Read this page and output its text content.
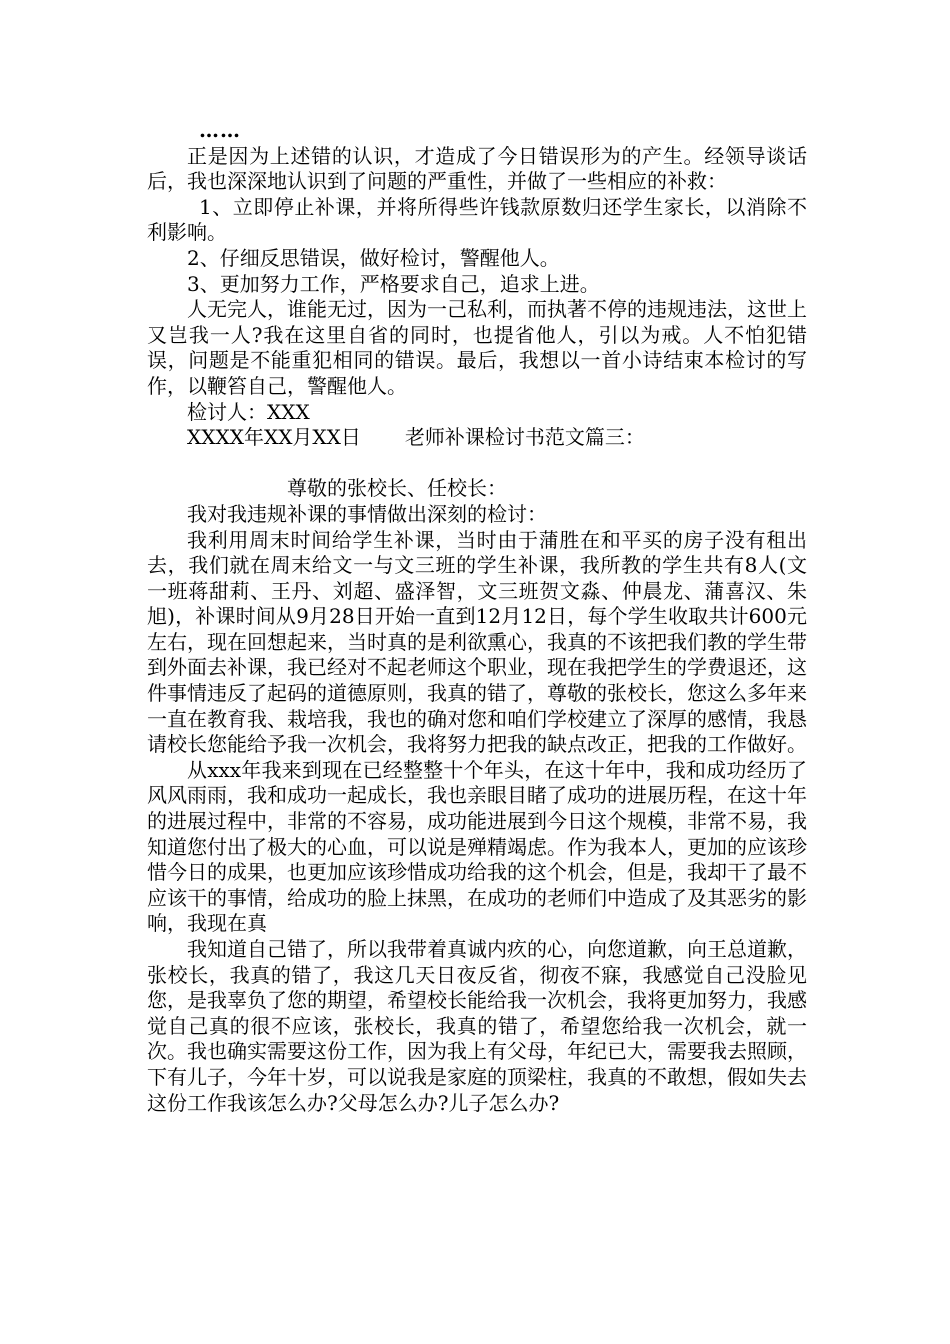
……

正是因为上述错的认识，才造成了今日错误形为的产生。经领导谈话后，我也深深地认识到了问题的严重性，并做了一些相应的补救：

1、立即停止补课，并将所得些许钱款原数归还学生家长，以消除不利影响。

2、仔细反思错误，做好检讨，警醒他人。

3、更加努力工作，严格要求自己，追求上进。

人无完人，谁能无过，因为一己私利，而执著不停的违规违法，这世上又岂我一人?我在这里自省的同时，也提省他人，引以为戒。人不怕犯错误，问题是不能重犯相同的错误。最后，我想以一首小诗结束本检讨的写作，以鞭笞自己，警醒他人。

检讨人：XXX

XXXX年XX月XX日 老师补课检讨书范文篇三：

尊敬的张校长、任校长：

我对我违规补课的事情做出深刻的检讨：

我利用周末时间给学生补课，当时由于蒲胜在和平买的房子没有租出去，我们就在周末给文一与文三班的学生补课，我所教的学生共有8人(文一班蒋甜莉、王丹、刘超、盛泽智，文三班贺文淼、仲晨龙、蒲喜汉、朱旭)，补课时间从9月28日开始一直到12月12日，每个学生收取共计600元左右，现在回想起来，当时真的是利欲熏心，我真的不该把我们教的学生带到外面去补课，我已经对不起老师这个职业，现在我把学生的学费退还，这件事情违反了起码的道德原则，我真的错了，尊敬的张校长，您这么多年来一直在教育我、栽培我，我也的确对您和咱们学校建立了深厚的感情，我恳请校长您能给予我一次机会，我将努力把我的缺点改正，把我的工作做好。

从xxx年我来到现在已经整整十个年头，在这十年中，我和成功经历了风风雨雨，我和成功一起成长，我也亲眼目睹了成功的进展历程，在这十年的进展过程中，非常的不容易，成功能进展到今日这个规模，非常不易，我知道您付出了极大的心血，可以说是殚精竭虑。作为我本人，更加的应该珍惜今日的成果，也更加应该珍惜成功给我的这个机会，但是，我却干了最不应该干的事情，给成功的脸上抹黑，在成功的老师们中造成了及其恶劣的影响，我现在真

我知道自己错了，所以我带着真诚内疚的心，向您道歉，向王总道歉，张校长，我真的错了，我这几天日夜反省，彻夜不寐，我感觉自己没脸见您，是我辜负了您的期望，希望校长能给我一次机会，我将更加努力，我感觉自己真的很不应该，张校长，我真的错了，希望您给我一次机会，就一次。我也确实需要这份工作，因为我上有父母，年纪已大，需要我去照顾，下有儿子，今年十岁，可以说我是家庭的顶梁柱，我真的不敢想，假如失去这份工作我该怎么办?父母怎么办?儿子怎么办?
